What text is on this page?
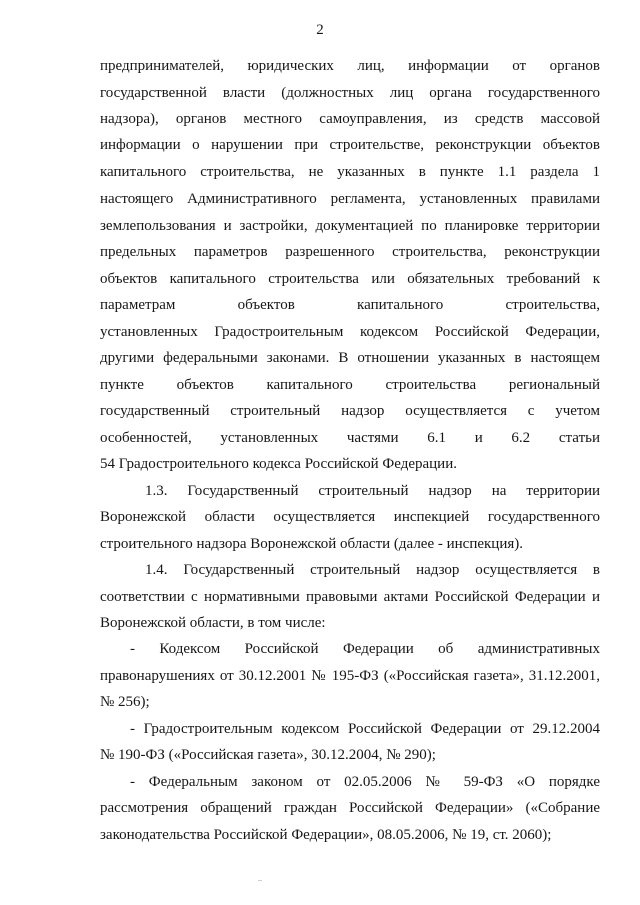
2
предпринимателей, юридических лиц, информации от органов
государственной власти (должностных лиц органа государственного
надзора), органов местного самоуправления, из средств массовой
информации о нарушении при строительстве, реконструкции объектов
капитального строительства, не указанных в пункте 1.1 раздела 1
настоящего Административного регламента, установленных правилами
землепользования и застройки, документацией по планировке территории
предельных параметров разрешенного строительства, реконструкции
объектов капитального строительства или обязательных требований к
параметрам объектов капитального строительства,
установленных Градостроительным кодексом Российской Федерации,
другими федеральными законами. В отношении указанных в настоящем
пункте объектов капитального строительства региональный
государственный строительный надзор осуществляется с учетом
особенностей, установленных частями 6.1 и 6.2 статьи
54 Градостроительного кодекса Российской Федерации.
1.3. Государственный строительный надзор на территории
Воронежской области осуществляется инспекцией государственного
строительного надзора Воронежской области (далее - инспекция).
1.4. Государственный строительный надзор осуществляется в
соответствии с нормативными правовыми актами Российской Федерации и
Воронежской области, в том числе:
- Кодексом Российской Федерации об административных
правонарушениях от 30.12.2001 № 195-ФЗ («Российская газета», 31.12.2001,
№ 256);
- Градостроительным кодексом Российской Федерации от 29.12.2004
№ 190-ФЗ («Российская газета», 30.12.2004, № 290);
- Федеральным законом от 02.05.2006 № 59-ФЗ «О порядке
рассмотрения обращений граждан Российской Федерации» («Собрание
законодательства Российской Федерации», 08.05.2006, № 19, ст. 2060);
